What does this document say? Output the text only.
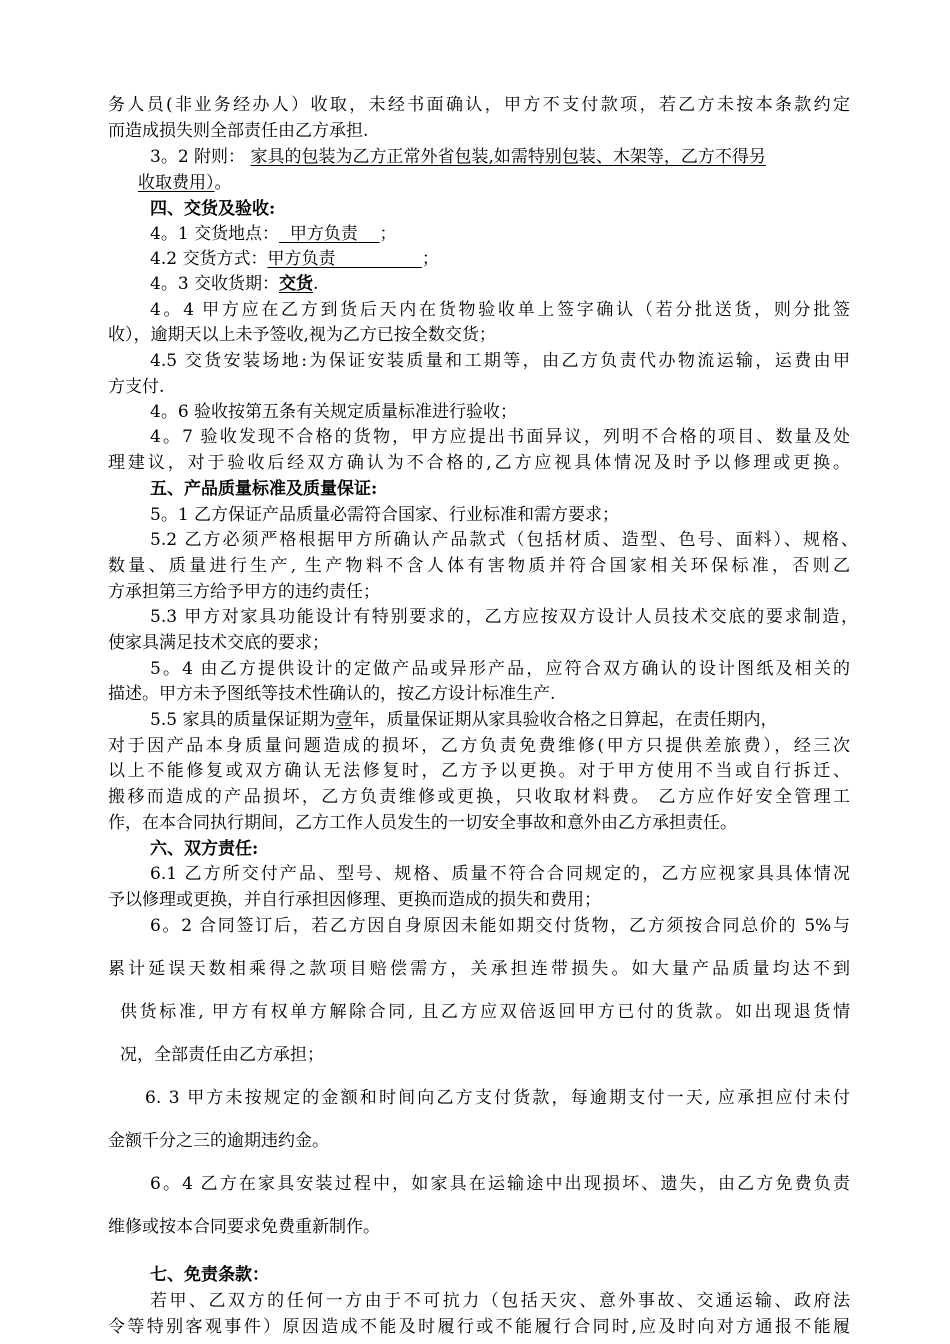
务人员(非业务经办人）收取，未经书面确认，甲方不支付款项，若乙方未按本条款约定
而造成损失则全部责任由乙方承担.
3。2 附则： 家具的包装为乙方正常外省包装,如需特别包装、木架等，乙方不得另
收取费用）。
四、交货及验收:
4。1 交货地点： 甲方负责 ；
4.2 交货方式：甲方负责	；
4。3 交收货期：交货.
4。4 甲方应在乙方到货后天内在货物验收单上签字确认（若分批送货，则分批签
收），逾期天以上未予签收,视为乙方已按全数交货；
4.5 交货安装场地:为保证安装质量和工期等，由乙方负责代办物流运输，运费由甲
方支付.
4。6 验收按第五条有关规定质量标准进行验收；
4。7 验收发现不合格的货物，甲方应提出书面异议，列明不合格的项目、数量及处
理建议，对于验收后经双方确认为不合格的,乙方应视具体情况及时予以修理或更换。
五、产品质量标准及质量保证:
5。1 乙方保证产品质量必需符合国家、行业标准和需方要求；
5.2 乙方必须严格根据甲方所确认产品款式（包括材质、造型、色号、面料）、规格、
数量、质量进行生产, 生产物料不含人体有害物质并符合国家相关环保标准，否则乙
方承担第三方给予甲方的违约责任；
5.3 甲方对家具功能设计有特别要求的，乙方应按双方设计人员技术交底的要求制造，
使家具满足技术交底的要求；
5。4 由乙方提供设计的定做产品或异形产品，应符合双方确认的设计图纸及相关的
描述。甲方未予图纸等技术性确认的，按乙方设计标准生产.
5.5 家具的质量保证期为壹年，质量保证期从家具验收合格之日算起，在责任期内，
对于因产品本身质量问题造成的损坏，乙方负责免费维修(甲方只提供差旅费），经三次
以上不能修复或双方确认无法修复时，乙方予以更换。对于甲方使用不当或自行拆迁、
搬移而造成的产品损坏，乙方负责维修或更换，只收取材料费。 乙方应作好安全管理工
作，在本合同执行期间，乙方工作人员发生的一切安全事故和意外由乙方承担责任。
六、双方责任:
6.1 乙方所交付产品、型号、规格、质量不符合合同规定的，乙方应视家具具体情况
予以修理或更换，并自行承担因修理、更换而造成的损失和费用；
6。2 合同签订后，若乙方因自身原因未能如期交付货物，乙方须按合同总价的 5%与
累计延误天数相乘得之款项目赔偿需方，关承担连带损失。如大量产品质量均达不到
供货标准, 甲方有权单方解除合同, 且乙方应双倍返回甲方已付的货款。如出现退货情
况，全部责任由乙方承担；
6. 3 甲方未按规定的金额和时间向乙方支付货款，每逾期支付一天, 应承担应付未付
金额千分之三的逾期违约金。
6。4 乙方在家具安装过程中，如家具在运输途中出现损坏、遗失，由乙方免费负责
维修或按本合同要求免费重新制作。
七、免责条款：
若甲、乙双方的任何一方由于不可抗力（包括天灾、意外事故、交通运输、政府法
令等特别客观事件）原因造成不能及时履行或不能履行合同时,应及时向对方通报不能履
